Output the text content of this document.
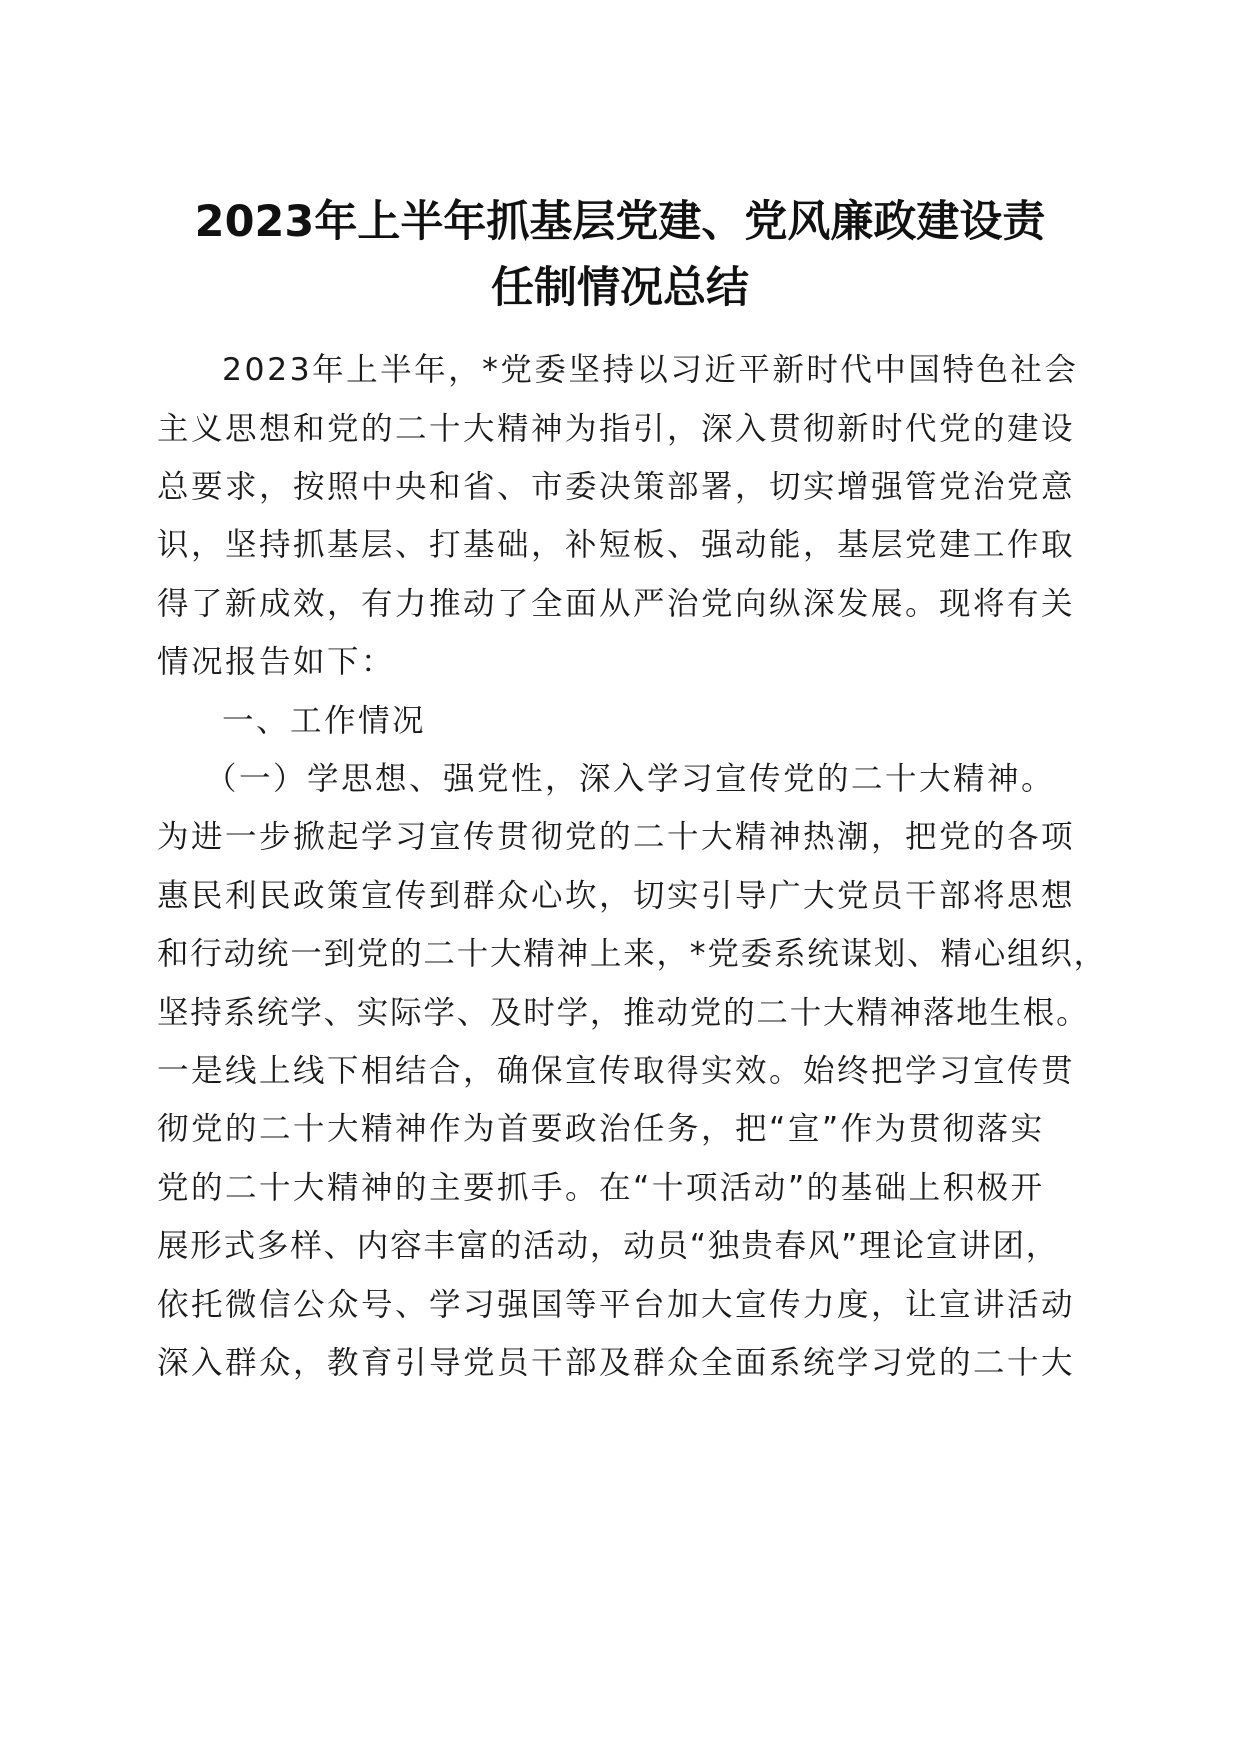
2023年上半年抓基层党建、党风廉政建设责
任制情况总结
2023年上半年，*党委坚持以习近平新时代中国特色社会
主义思想和党的二十大精神为指引，深入贯彻新时代党的建设
总要求，按照中央和省、市委决策部署，切实增强管党治党意
识，坚持抓基层、打基础，补短板、强动能，基层党建工作取
得了新成效，有力推动了全面从严治党向纵深发展。现将有关
情况报告如下：
一、工作情况
（一）学思想、强党性，深入学习宣传党的二十大精神。
为进一步掀起学习宣传贯彻党的二十大精神热潮，把党的各项
惠民利民政策宣传到群众心坎，切实引导广大党员干部将思想
和行动统一到党的二十大精神上来，*党委系统谋划、精心组织，
坚持系统学、实际学、及时学，推动党的二十大精神落地生根。
一是线上线下相结合，确保宣传取得实效。始终把学习宣传贯
彻党的二十大精神作为首要政治任务，把“宣”作为贯彻落实
党的二十大精神的主要抓手。在“十项活动”的基础上积极开
展形式多样、内容丰富的活动，动员“独贵春风”理论宣讲团，
依托微信公众号、学习强国等平台加大宣传力度，让宣讲活动
深入群众，教育引导党员干部及群众全面系统学习党的二十大
